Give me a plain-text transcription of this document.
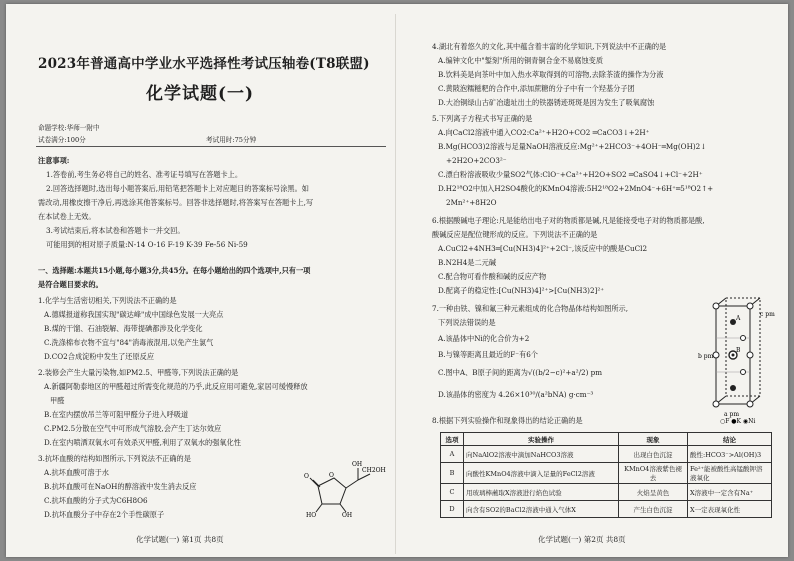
2023年普通高中学业水平选择性考试压轴卷(T8联盟)
化学试题(一)
命题学校:华师一附中
试卷满分:100分	考试用时:75分钟
注意事项:
1.答卷前,考生务必将自己的姓名、准考证号填写在答题卡上。
2.回答选择题时,选出每小题答案后,用铅笔把答题卡上对应题目的答案标号涂黑。如
需改动,用橡皮擦干净后,再选涂其他答案标号。回答非选择题时,将答案写在答题卡上,写
在本试卷上无效。
3.考试结束后,将本试卷和答题卡一并交回。
可能用到的相对原子质量:N-14 O-16 F-19 K-39 Fe-56 Ni-59
一、选择题:本题共15小题,每小题3分,共45分。在每小题给出的四个选项中,只有一项
是符合题目要求的。
1.化学与生活密切相关,下列说法不正确的是
A.德媒报道称我国实现"碳达峰"成中国绿色发展一大亮点
B.煤的干馏、石油裂解、海带提碘都涉及化学变化
C.洗涤棉布衣物不宜与"84"消毒液混用,以免产生氯气
D.CO2合成淀粉中发生了还原反应
2.装修会产生大量污染物,如PM2.5、甲醛等,下列说法正确的是
A.新疆阿勒泰地区的甲醛超过所需变化规范的乃乎,此反应用可避免,家居可缓慢释放
甲醛
B.在室内摆放吊兰等可阻甲醛分子进入呼吸道
C.PM2.5分散在空气中可形成气溶胶,会产生丁达尔效应
D.在室内喷洒双氧水可有效杀灭甲醛,利用了双氧水的强氧化性
3.抗坏血酸的结构如图所示,下列说法不正确的是
A.抗坏血酸可溶于水
B.抗坏血酸可在NaOH的醇溶液中发生消去反应
C.抗坏血酸的分子式为C6H8O6
D.抗坏血酸分子中存在2个手性碳原子
O	O
OH
CH2OH
HO	OH
化学试题(一) 第1页 共8页
4.湖北有着悠久的文化,其中蕴含着丰富的化学知识,下列说法中不正确的是
A.编钟文化中"錾刻"所用的铜青铜合金不易腐蚀变质
B.饮料美是向茶叶中加入热水萃取得到的可溶物,去除茶渣的操作为分液
C.黄陂泡糯糍粑的合作中,添加蔗糖的分子中有一个羟基分子团
D.大冶铜绿山古矿冶遗址出土的铁器锈迹斑斑是因为发生了吸氧腐蚀
5.下列离子方程式书写正确的是
A.向CaCl2溶液中通入CO2:Ca²⁺+H2O+CO2 ═CaCO3↓+2H⁺
B.Mg(HCO3)2溶液与足量NaOH溶液反应:Mg²⁺+2HCO3⁻+4OH⁻═Mg(OH)2↓
+2H2O+2CO3²⁻
C.漂白粉溶液吸收少量SO2气体:ClO⁻+Ca²⁺+H2O+SO2 ═CaSO4↓+Cl⁻+2H⁺
D.H2¹⁸O2中加入H2SO4酸化的KMnO4溶液:5H2¹⁸O2+2MnO4⁻+6H⁺═5¹⁸O2↑+
2Mn²⁺+8H2O
6.根据酸碱电子理论:凡是能给出电子对的物质都是碱,凡是能接受电子对的物质都是酸,
酸碱反应是配位键形成的反应。下列说法不正确的是
A.CuCl2+4NH3═[Cu(NH3)4]²⁺+2Cl⁻,该反应中的酸是CuCl2
B.N2H4是二元碱
C.配合物可看作酸和碱的反应产物
D.配离子的稳定性:[Cu(NH3)4]²⁺>[Cu(NH3)2]²⁺
7.一种由铁、镍和氟三种元素组成的化合物晶体结构如图所示,
下列说法错误的是
A.该晶体中Ni的化合价为+2
B.与镍等距离且最近的F⁻有6个
C.图中A、B原子间的距离为√((b/2−c)²+a²/2) pm
D.该晶体的密度为 4.26×10³⁰/(a²bNA) g·cm⁻³
8.根据下列实验操作和现象得出的结论正确的是
c pm
b pm
a pm
A
B
○F ●K ◉Ni
选项	实验操作	现象	结论
A	向NaAlO2溶液中滴加NaHCO3溶液	出现白色沉淀	酸性:HCO3⁻>Al(OH)3
B	向酸性KMnO4溶液中滴入足量的FeCl2溶液	KMnO4溶液紫色褪去	Fe²⁺能被酸性高锰酸钾溶液氧化
C	用玻璃棒蘸取X溶液进行焰色试验	火焰呈黄色	X溶液中一定含有Na⁺
D	向含有SO2的BaCl2溶液中通入气体X	产生白色沉淀	X一定表现氧化性
化学试题(一) 第2页 共8页
